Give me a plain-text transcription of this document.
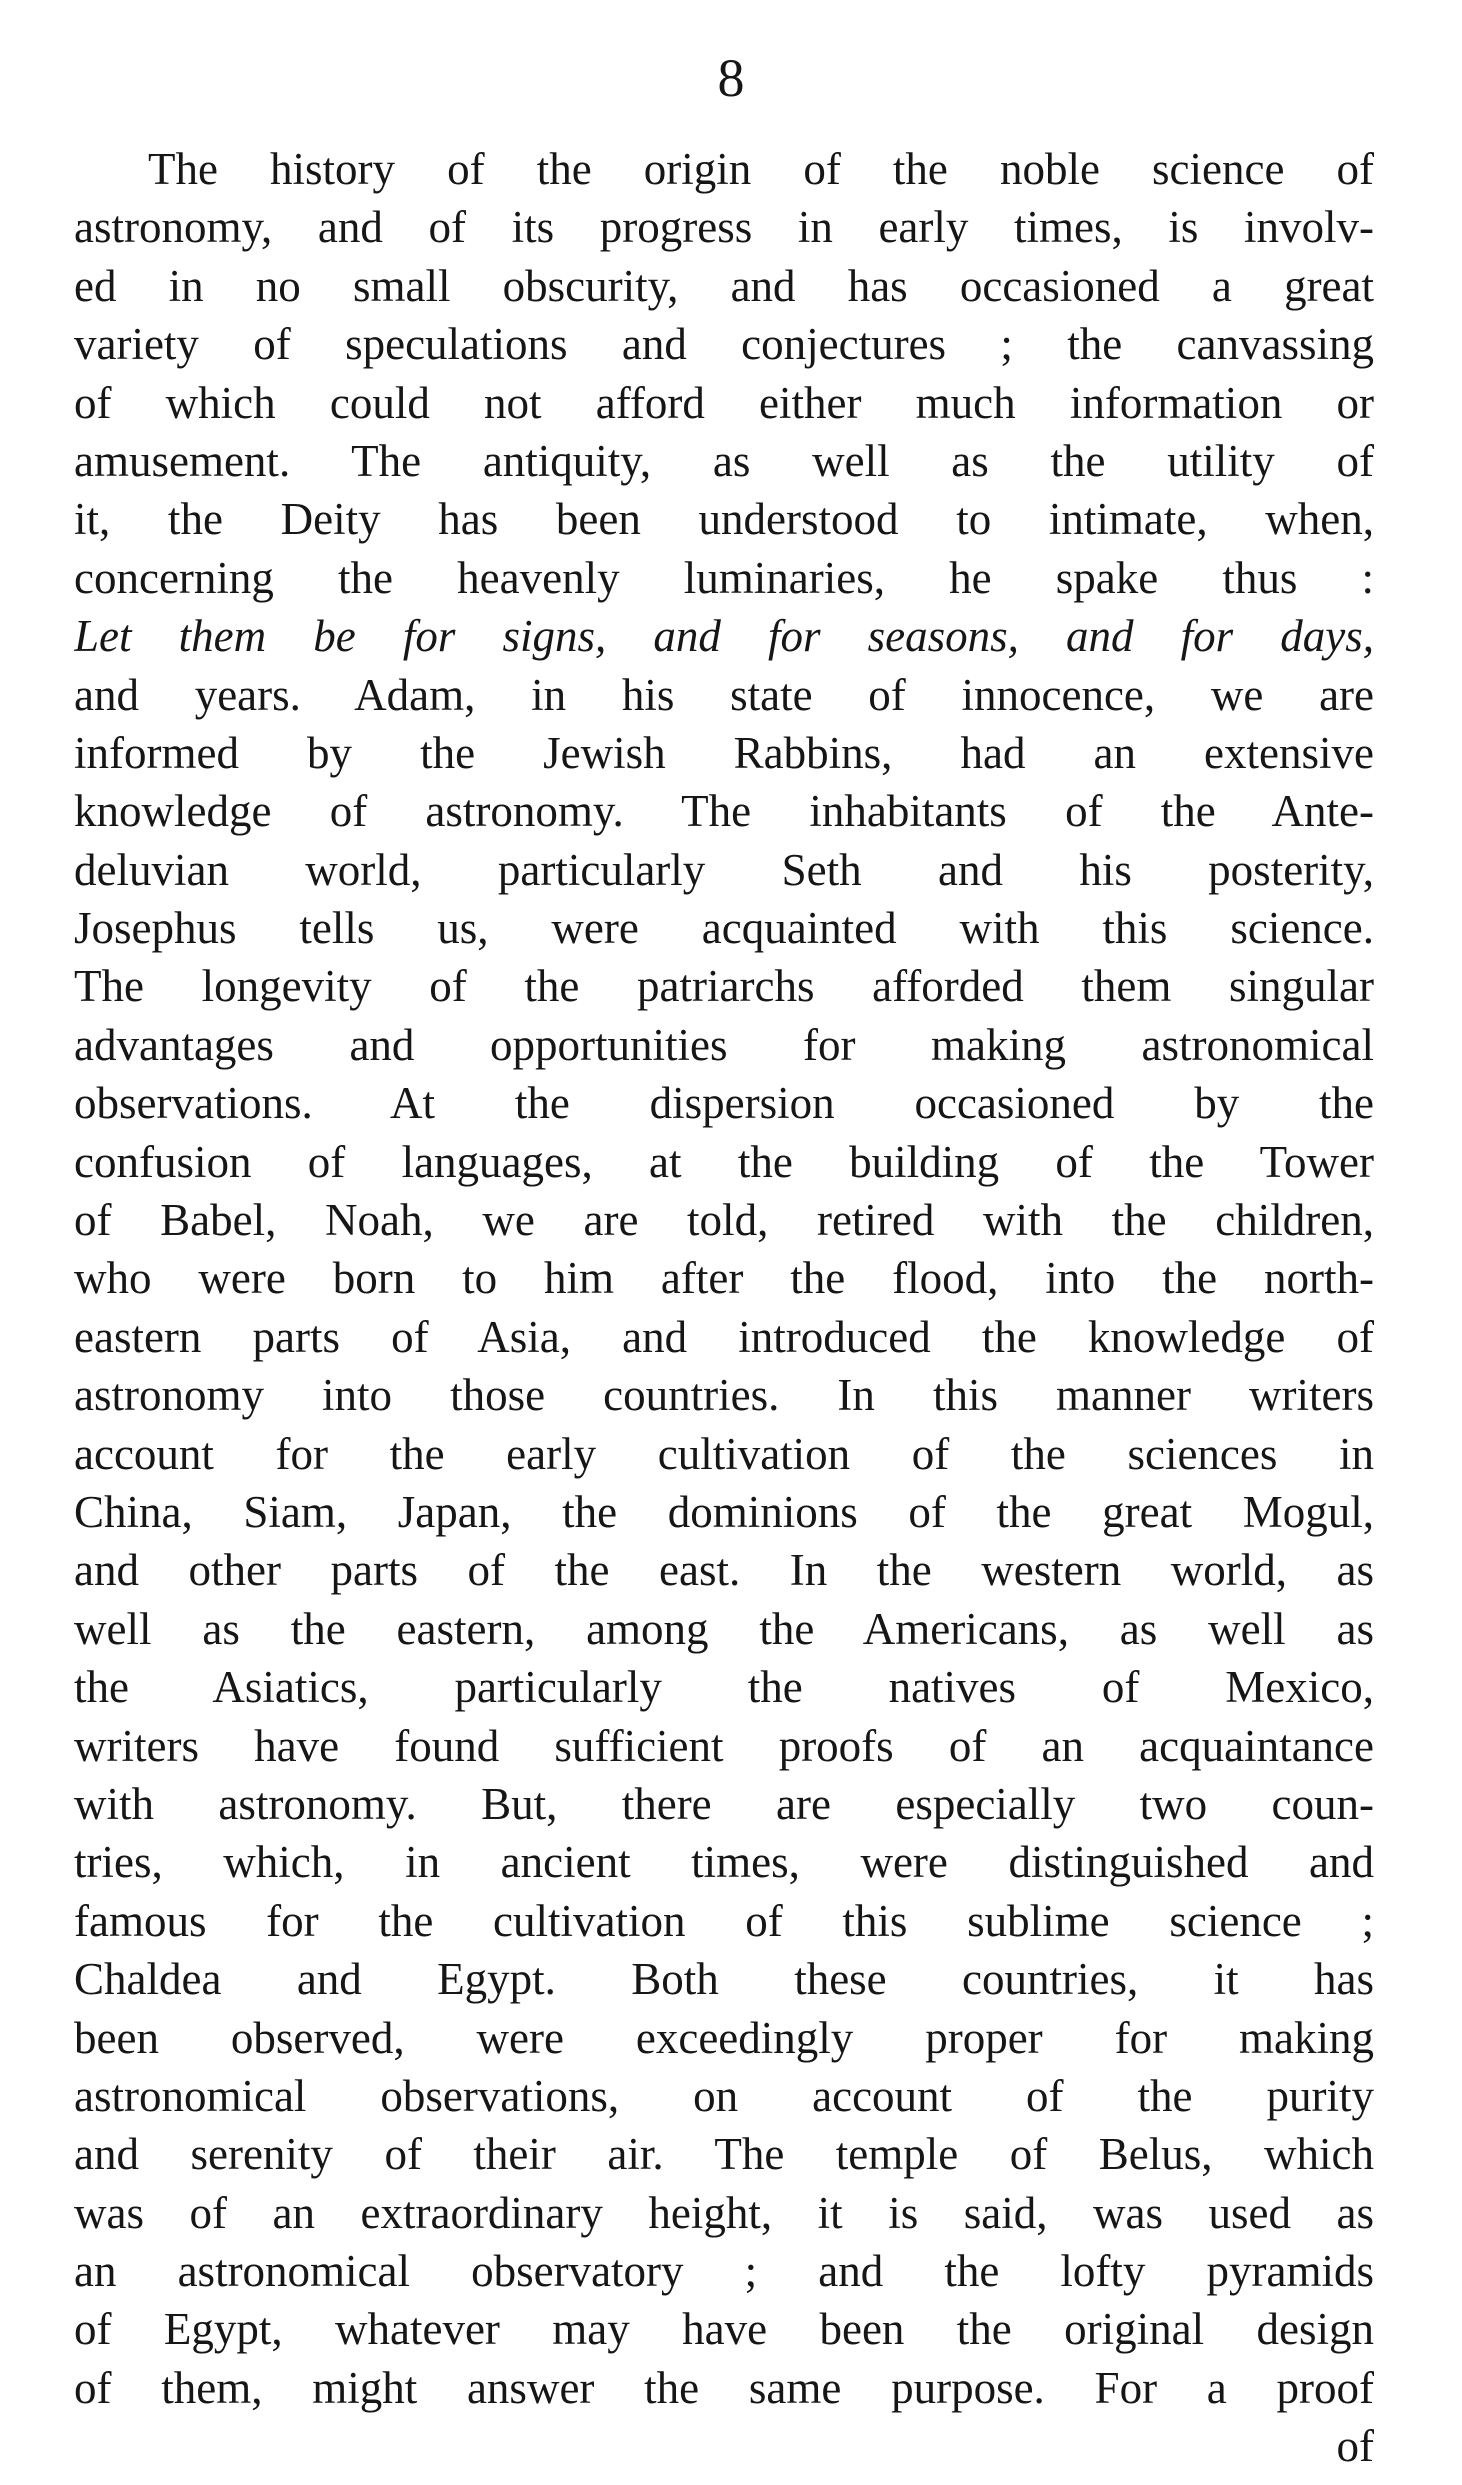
8
The history of the origin of the noble science of
astronomy, and of its progress in early times, is involv-
ed in no small obscurity, and has occasioned a great
variety of speculations and conjectures ; the canvassing
of which could not afford either much information or
amusement. The antiquity, as well as the utility of
it, the Deity has been understood to intimate, when,
concerning the heavenly luminaries, he spake thus :
Let them be for signs, and for seasons, and for days,
and years. Adam, in his state of innocence, we are
informed by the Jewish Rabbins, had an extensive
knowledge of astronomy. The inhabitants of the Ante-
deluvian world, particularly Seth and his posterity,
Josephus tells us, were acquainted with this science.
The longevity of the patriarchs afforded them singular
advantages and opportunities for making astronomical
observations. At the dispersion occasioned by the
confusion of languages, at the building of the Tower
of Babel, Noah, we are told, retired with the children,
who were born to him after the flood, into the north-
eastern parts of Asia, and introduced the knowledge of
astronomy into those countries. In this manner writers
account for the early cultivation of the sciences in
China, Siam, Japan, the dominions of the great Mogul,
and other parts of the east. In the western world, as
well as the eastern, among the Americans, as well as
the Asiatics, particularly the natives of Mexico,
writers have found sufficient proofs of an acquaintance
with astronomy. But, there are especially two coun-
tries, which, in ancient times, were distinguished and
famous for the cultivation of this sublime science ;
Chaldea and Egypt. Both these countries, it has
been observed, were exceedingly proper for making
astronomical observations, on account of the purity
and serenity of their air. The temple of Belus, which
was of an extraordinary height, it is said, was used as
an astronomical observatory ; and the lofty pyramids
of Egypt, whatever may have been the original design
of them, might answer the same purpose. For a proof
of
